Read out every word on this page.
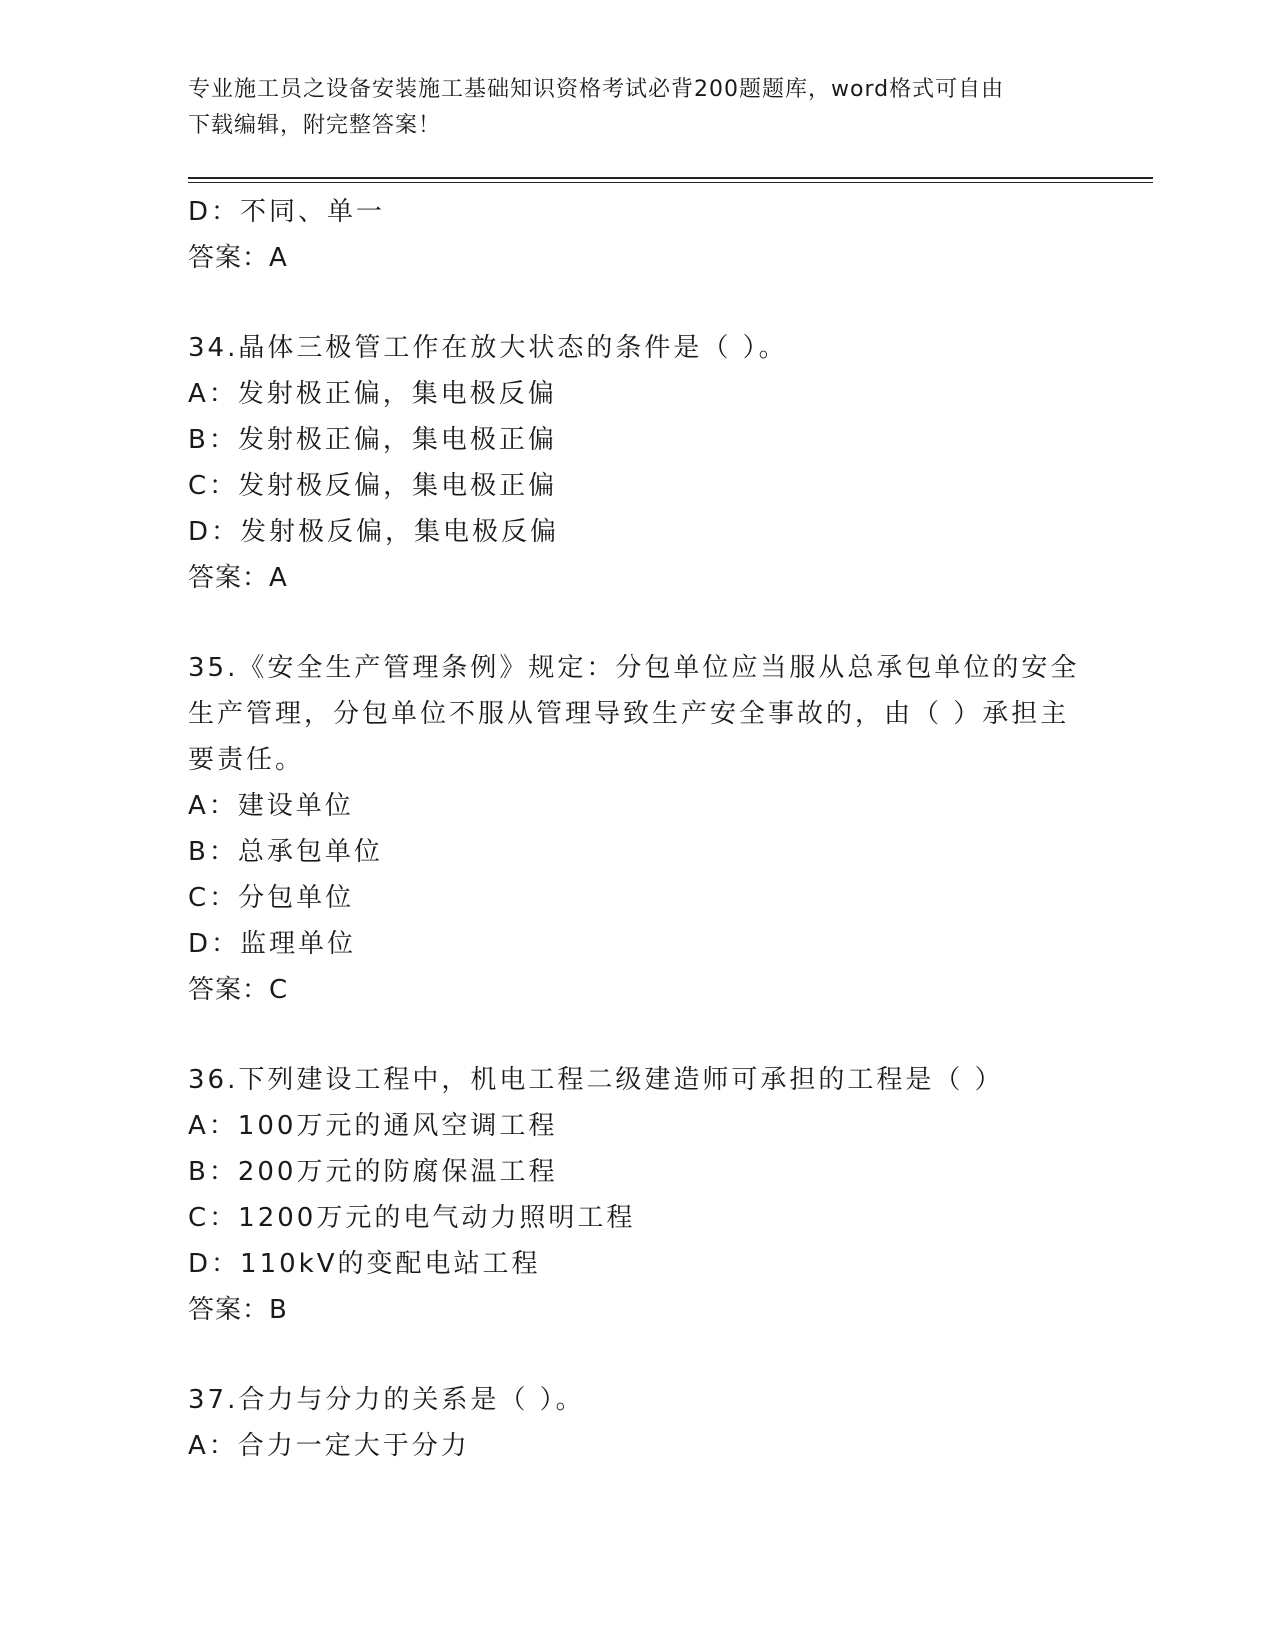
专业施工员之设备安装施工基础知识资格考试必背200题题库，word格式可自由
下载编辑，附完整答案！
D：不同、单一
答案：A
34.晶体三极管工作在放大状态的条件是（ ）。
A：发射极正偏，集电极反偏
B：发射极正偏，集电极正偏
C：发射极反偏，集电极正偏
D：发射极反偏，集电极反偏
答案：A
35.《安全生产管理条例》规定：分包单位应当服从总承包单位的安全
生产管理，分包单位不服从管理导致生产安全事故的，由（ ）承担主
要责任。
A：建设单位
B：总承包单位
C：分包单位
D：监理单位
答案：C
36.下列建设工程中，机电工程二级建造师可承担的工程是（ ）
A：100万元的通风空调工程
B：200万元的防腐保温工程
C：1200万元的电气动力照明工程
D：110kV的变配电站工程
答案：B
37.合力与分力的关系是（ ）。
A：合力一定大于分力
